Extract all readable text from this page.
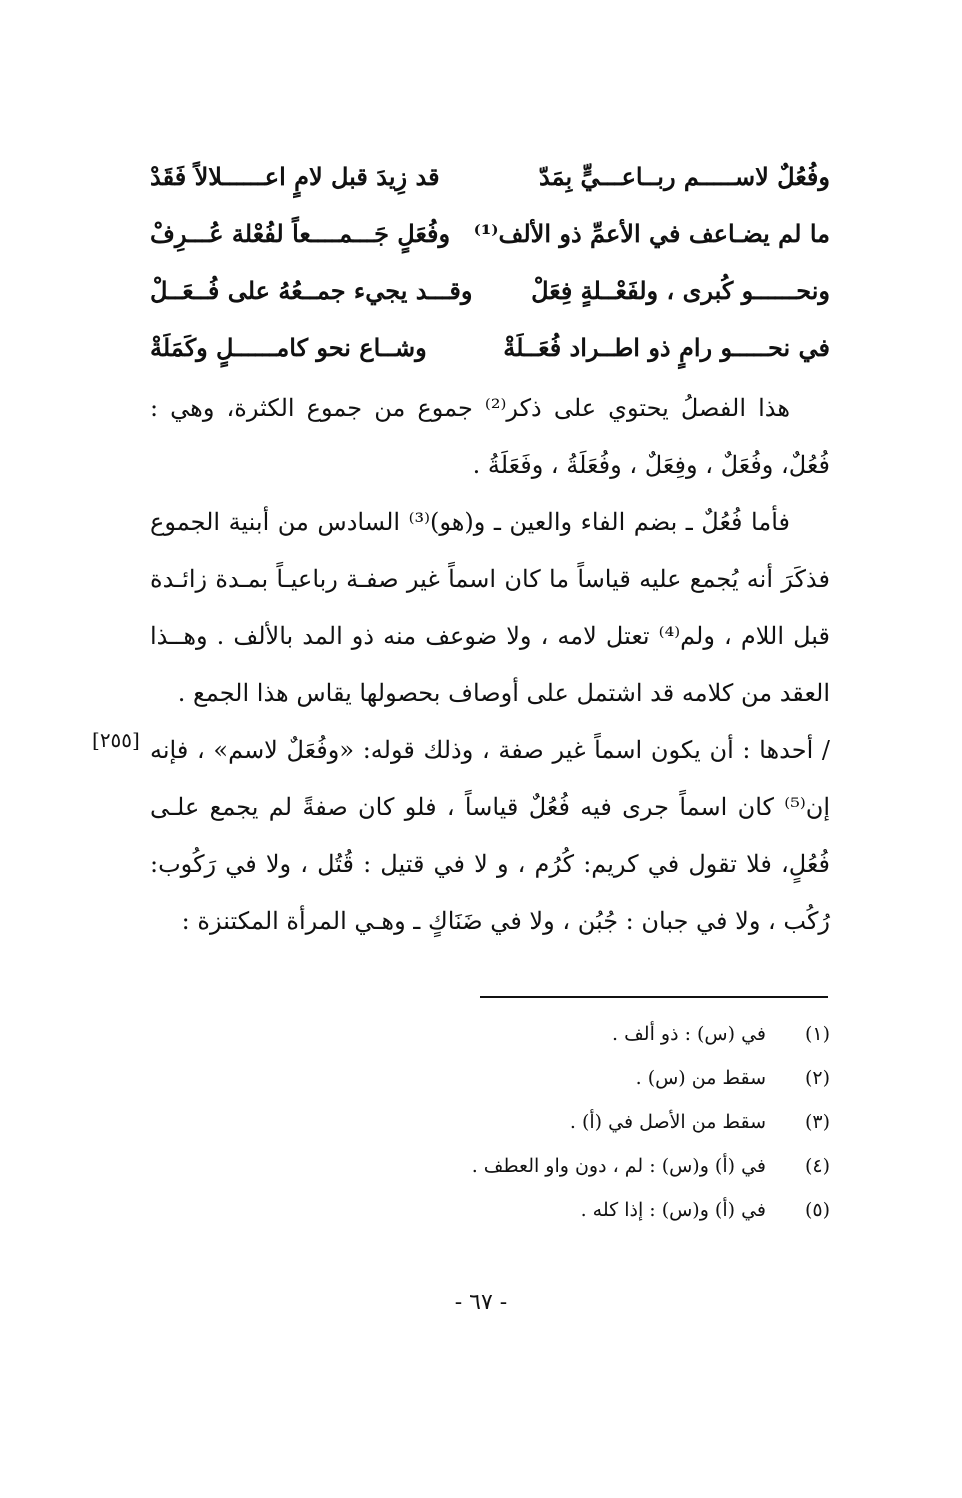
وفُعُلٌ لاســـــم ربــاعـــيٍّ بِمَدّ
قد زِيدَ قبل لامٍ اعــــــلالاً فَقَدْ
ما لم يضـاعف في الأعمِّ ذو الألف⁽¹⁾
وفُعَلٍ جَـــمــــعاً لفُعْلة عُـــرِفْ
ونحــــــو كُبرى ، ولفَعْــلةٍ فِعَلْ
وقـــد يجيء جمــعُهُ على فُــعَــلْ
في نحـــــو رامٍ ذو اطــراد فُعَــلَةْ
وشــاع نحو كامــــــلٍ وكَمَلَةْ

هذا الفصلُ يحتوي على ذكر⁽²⁾ جموع من جموع الكثرة، وهي : فُعُلٌ، وفُعَلٌ ، وفِعَلٌ ، وفُعَلَةُ ، وفَعَلَةُ .

فأما فُعُلٌ ـ بضم الفاء والعين ـ و(هو)⁽³⁾ السادس من أبنية الجموع فذكَرَ أنه يُجمع عليه قياساً ما كان اسماً غير صفـة رباعيـاً بمـدة زائـدة قبل اللام ، ولم⁽⁴⁾ تعتل لامه ، ولا ضوعف منه ذو المد بالألف . وهــذا العقد من كلامه قد اشتمل على أوصاف بحصولها يقاس هذا الجمع .

/ أحدها : أن يكون اسماً غير صفة ، وذلك قوله: «وفُعَلٌ لاسم» ، فإنه إن⁽⁵⁾ كان اسماً جرى فيه فُعُلٌ قياساً ، فلو كان صفةً لم يجمع علـى فُعُلٍ، فلا تقول في كريم: كُرُم ، و لا في قتيل : قُتُل ، ولا في رَكُوب: رُكُب ، ولا في جبان : جُبُن ، ولا في ضَنَاكٍ ـ وهـي المرأة المكتنزة :

[٢٥٥]
(١)
في (س) : ذو ألف .
(٢)
سقط من (س) .
(٣)
سقط من الأصل في (أ) .
(٤)
في (أ) و(س) : لم ، دون واو العطف .
(٥)
في (أ) و(س) : إذا كله .
- ٦٧ -
